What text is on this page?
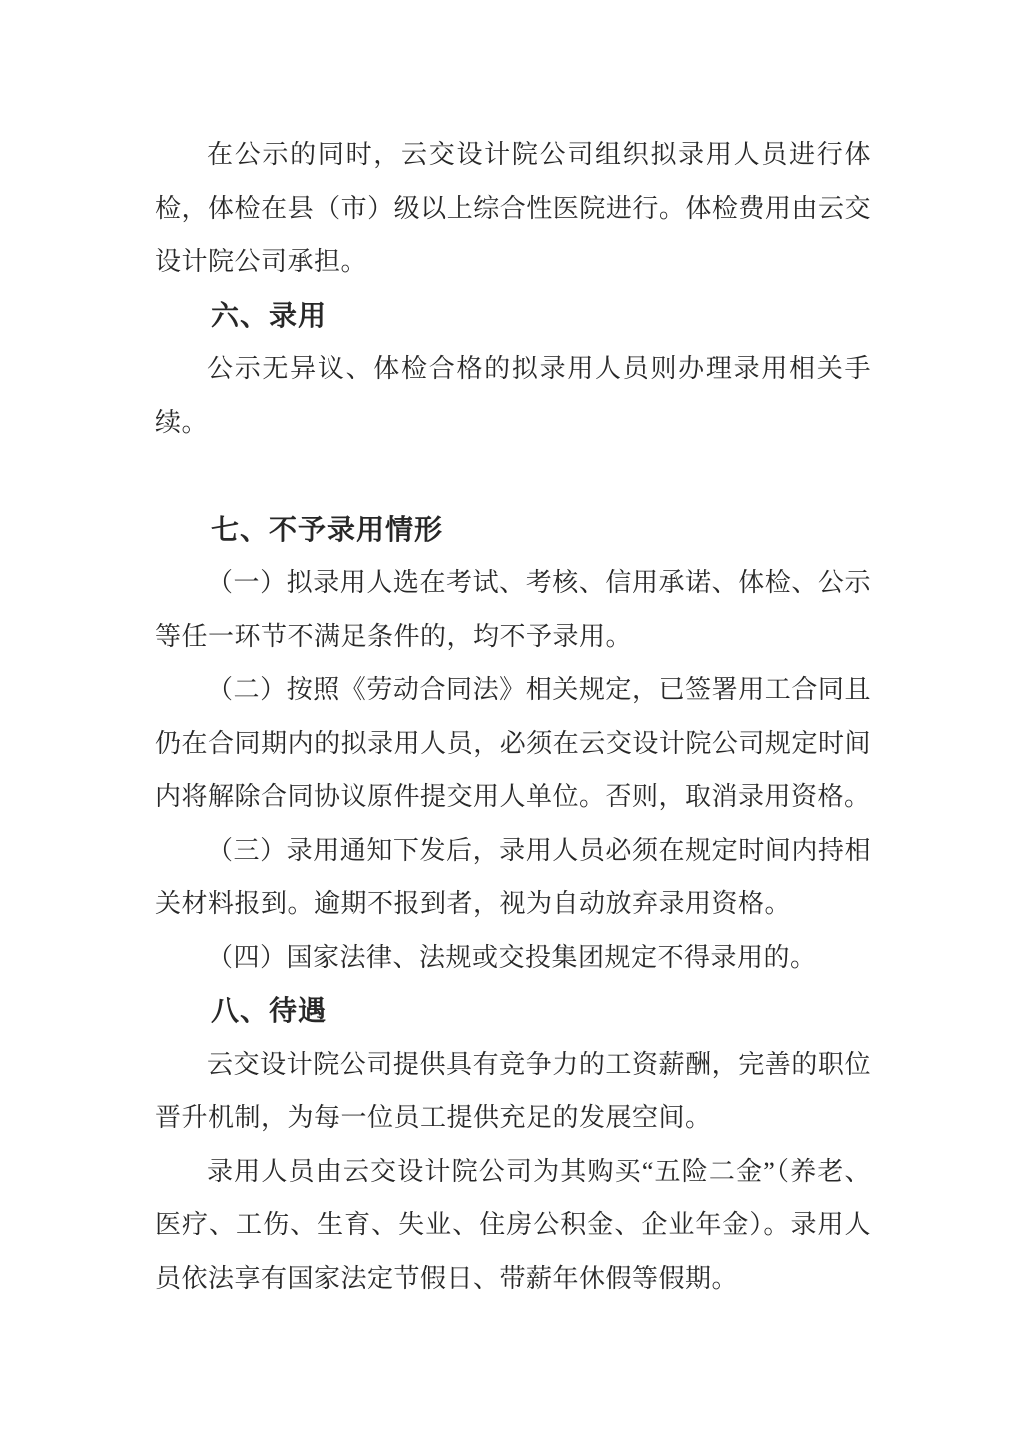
在公示的同时，云交设计院公司组织拟录用人员进行体
检，体检在县（市）级以上综合性医院进行。体检费用由云交
设计院公司承担。
六、录用
公示无异议、体检合格的拟录用人员则办理录用相关手
续。
七、不予录用情形
（一）拟录用人选在考试、考核、信用承诺、体检、公示
等任一环节不满足条件的，均不予录用。
（二）按照《劳动合同法》相关规定，已签署用工合同且
仍在合同期内的拟录用人员，必须在云交设计院公司规定时间
内将解除合同协议原件提交用人单位。否则，取消录用资格。
（三）录用通知下发后，录用人员必须在规定时间内持相
关材料报到。逾期不报到者，视为自动放弃录用资格。
（四）国家法律、法规或交投集团规定不得录用的。
八、待遇
云交设计院公司提供具有竞争力的工资薪酬，完善的职位
晋升机制，为每一位员工提供充足的发展空间。
录用人员由云交设计院公司为其购买“五险二金”（养老、
医疗、工伤、生育、失业、住房公积金、企业年金）。录用人
员依法享有国家法定节假日、带薪年休假等假期。
